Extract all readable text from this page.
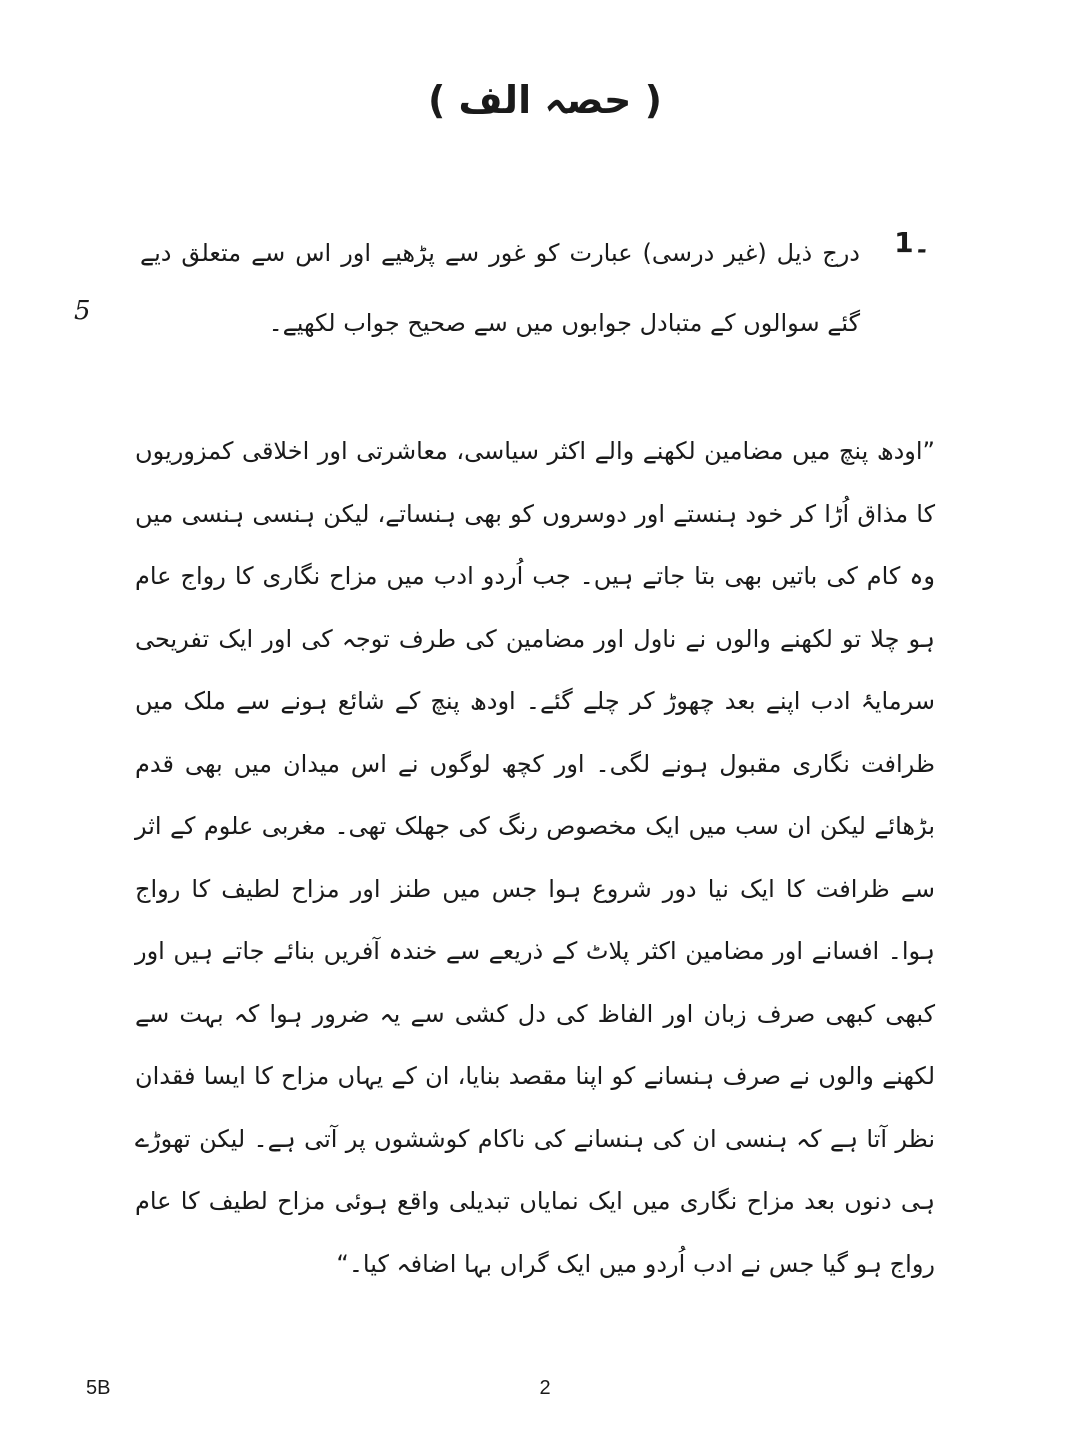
( حصہ الف )
1۔
درج ذیل (غیر درسی) عبارت کو غور سے پڑھیے اور اس سے متعلق دیے گئے سوالوں کے متبادل جوابوں میں سے صحیح جواب لکھیے۔
5
”اودھ پنچ میں مضامین لکھنے والے اکثر سیاسی، معاشرتی اور اخلاقی کمزوریوں کا مذاق اُڑا کر خود ہنستے اور دوسروں کو بھی ہنساتے، لیکن ہنسی ہنسی میں وہ کام کی باتیں بھی بتا جاتے ہیں۔ جب اُردو ادب میں مزاح نگاری کا رواج عام ہو چلا تو لکھنے والوں نے ناول اور مضامین کی طرف توجہ کی اور ایک تفریحی سرمایۂ ادب اپنے بعد چھوڑ کر چلے گئے۔ اودھ پنچ کے شائع ہونے سے ملک میں ظرافت نگاری مقبول ہونے لگی۔ اور کچھ لوگوں نے اس میدان میں بھی قدم بڑھائے لیکن ان سب میں ایک مخصوص رنگ کی جھلک تھی۔ مغربی علوم کے اثر سے ظرافت کا ایک نیا دور شروع ہوا جس میں طنز اور مزاح لطیف کا رواج ہوا۔ افسانے اور مضامین اکثر پلاٹ کے ذریعے سے خندہ آفریں بنائے جاتے ہیں اور کبھی کبھی صرف زبان اور الفاظ کی دل کشی سے یہ ضرور ہوا کہ بہت سے لکھنے والوں نے صرف ہنسانے کو اپنا مقصد بنایا، ان کے یہاں مزاح کا ایسا فقدان نظر آتا ہے کہ ہنسی ان کی ہنسانے کی ناکام کوششوں پر آتی ہے۔ لیکن تھوڑے ہی دنوں بعد مزاح نگاری میں ایک نمایاں تبدیلی واقع ہوئی مزاح لطیف کا عام رواج ہو گیا جس نے ادب اُردو میں ایک گراں بہا اضافہ کیا۔“
5B	2
